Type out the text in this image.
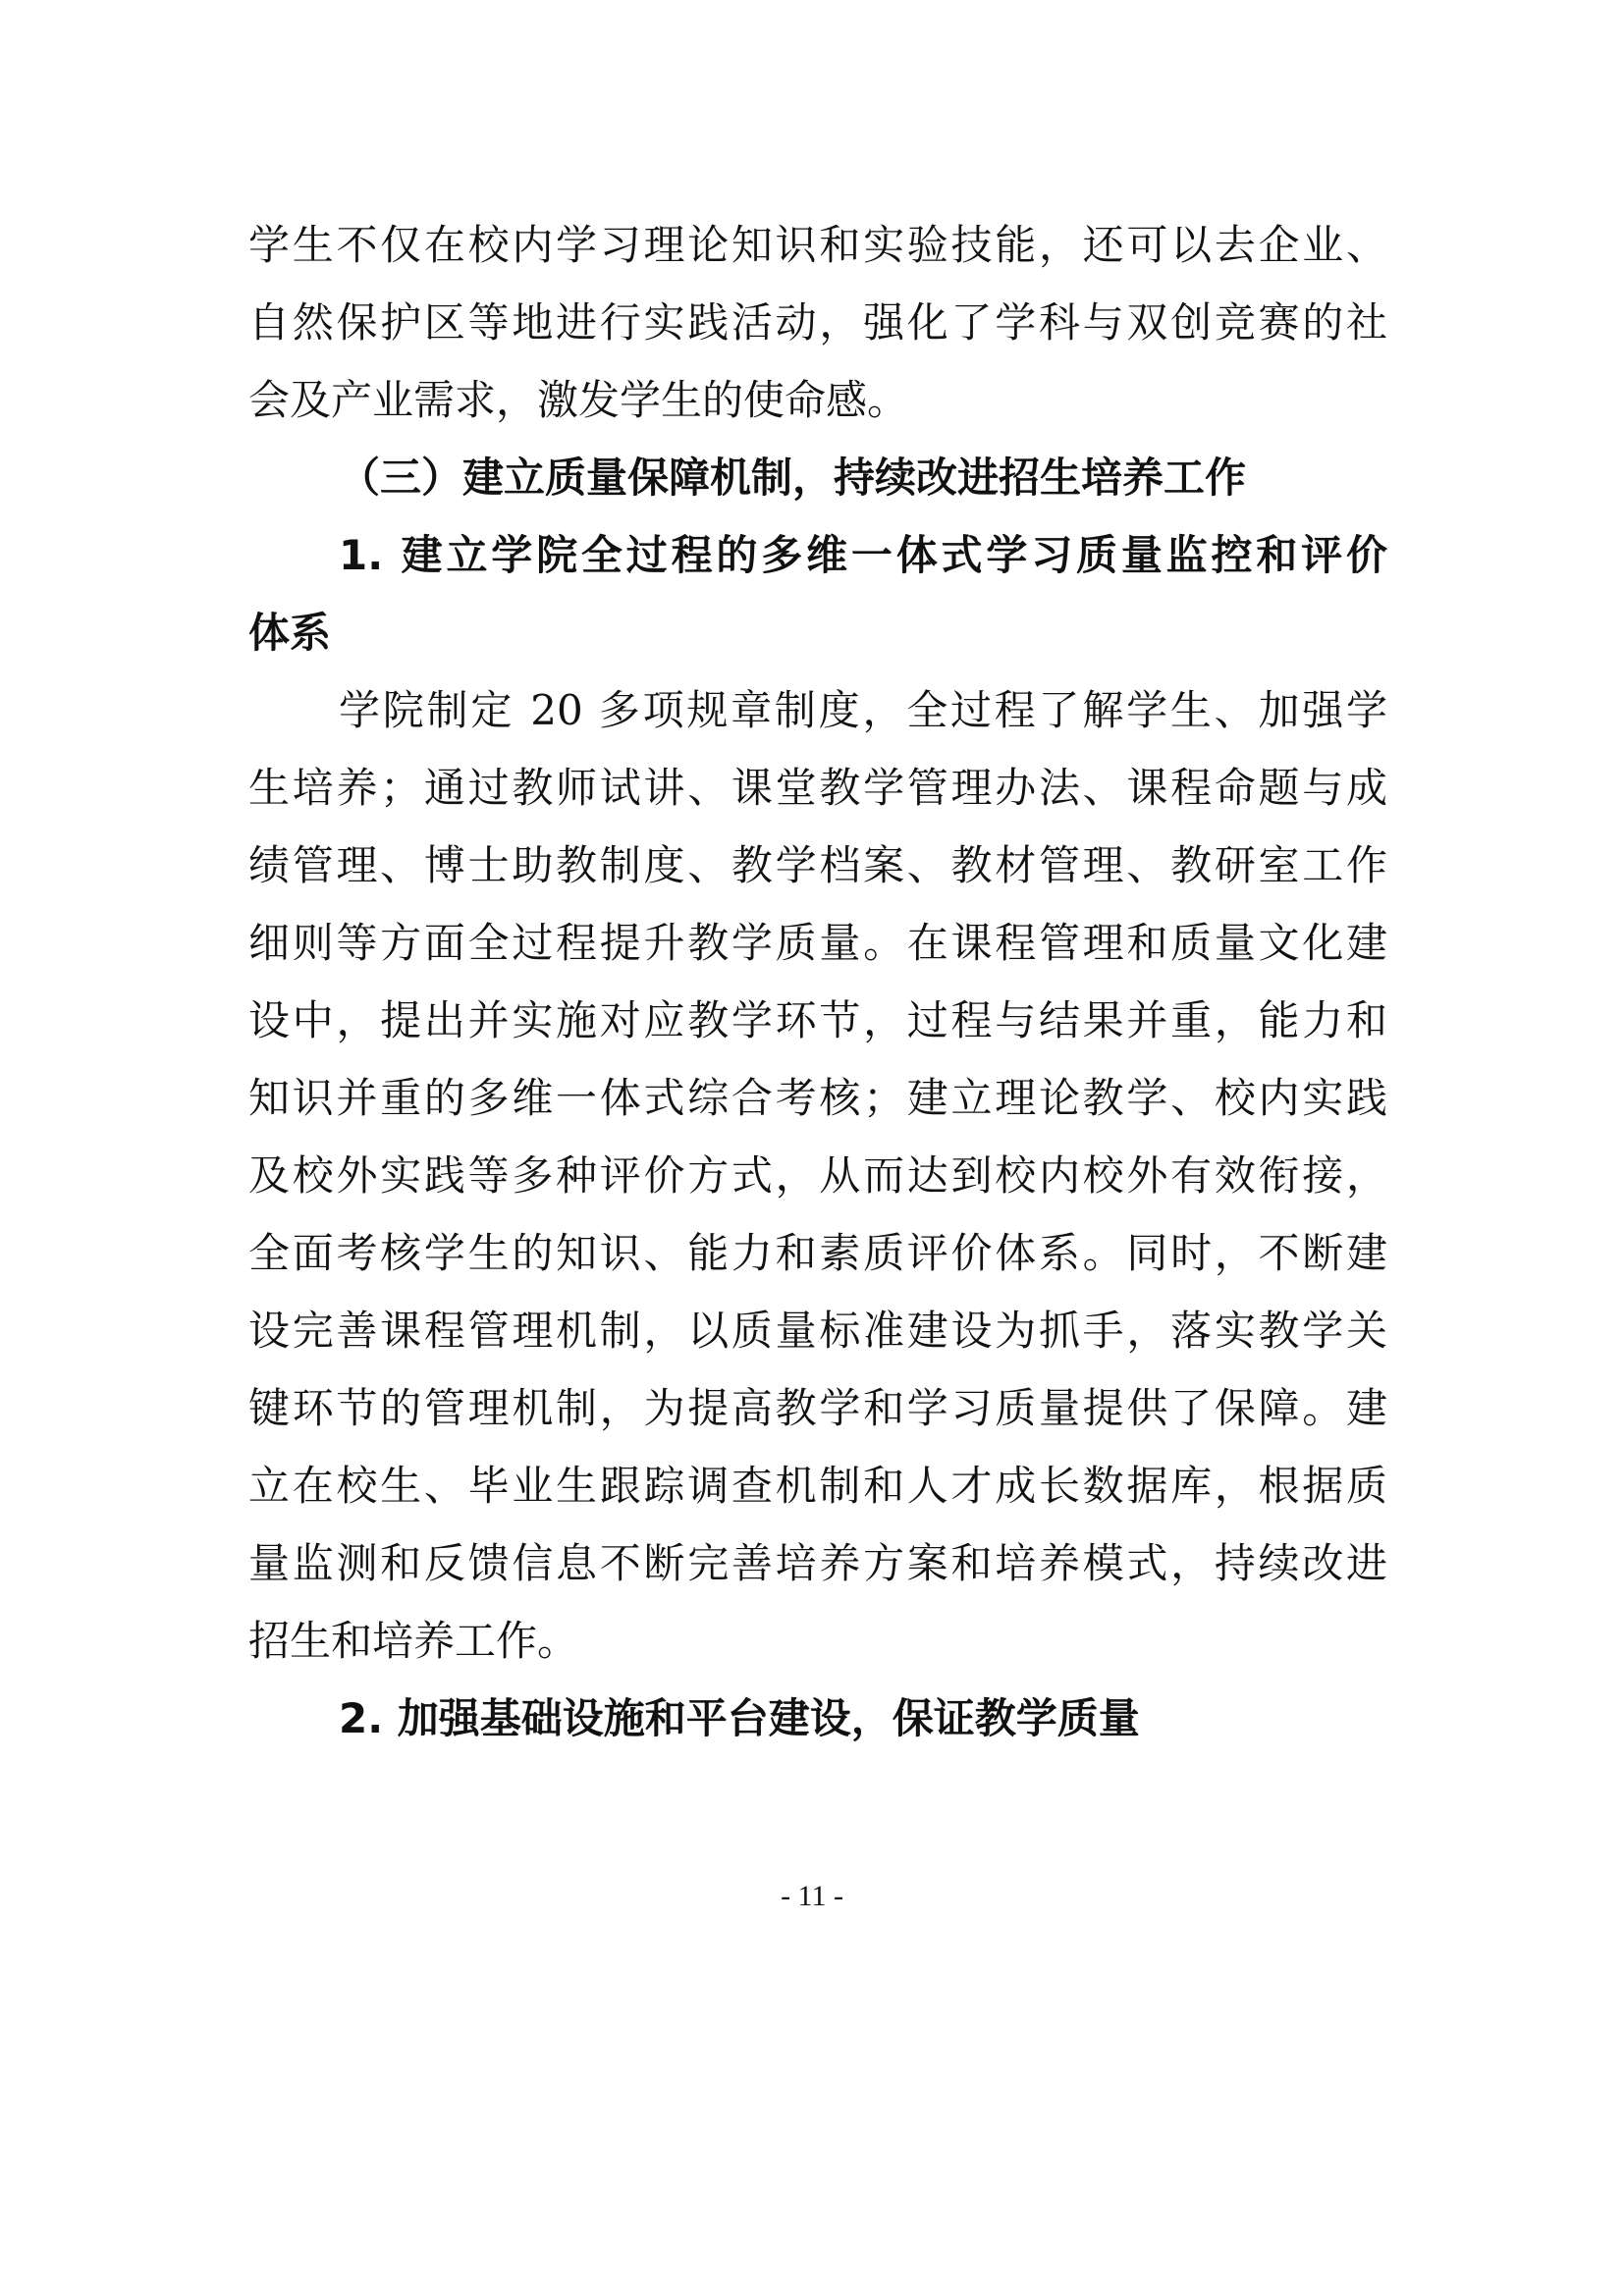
学生不仅在校内学习理论知识和实验技能，还可以去企业、
自然保护区等地进行实践活动，强化了学科与双创竞赛的社
会及产业需求，激发学生的使命感。
（三）建立质量保障机制，持续改进招生培养工作
1. 建立学院全过程的多维一体式学习质量监控和评价
体系
学院制定 20 多项规章制度，全过程了解学生、加强学
生培养；通过教师试讲、课堂教学管理办法、课程命题与成
绩管理、博士助教制度、教学档案、教材管理、教研室工作
细则等方面全过程提升教学质量。在课程管理和质量文化建
设中，提出并实施对应教学环节，过程与结果并重，能力和
知识并重的多维一体式综合考核；建立理论教学、校内实践
及校外实践等多种评价方式，从而达到校内校外有效衔接，
全面考核学生的知识、能力和素质评价体系。同时，不断建
设完善课程管理机制，以质量标准建设为抓手，落实教学关
键环节的管理机制，为提高教学和学习质量提供了保障。建
立在校生、毕业生跟踪调查机制和人才成长数据库，根据质
量监测和反馈信息不断完善培养方案和培养模式，持续改进
招生和培养工作。
2. 加强基础设施和平台建设，保证教学质量
- 11 -
